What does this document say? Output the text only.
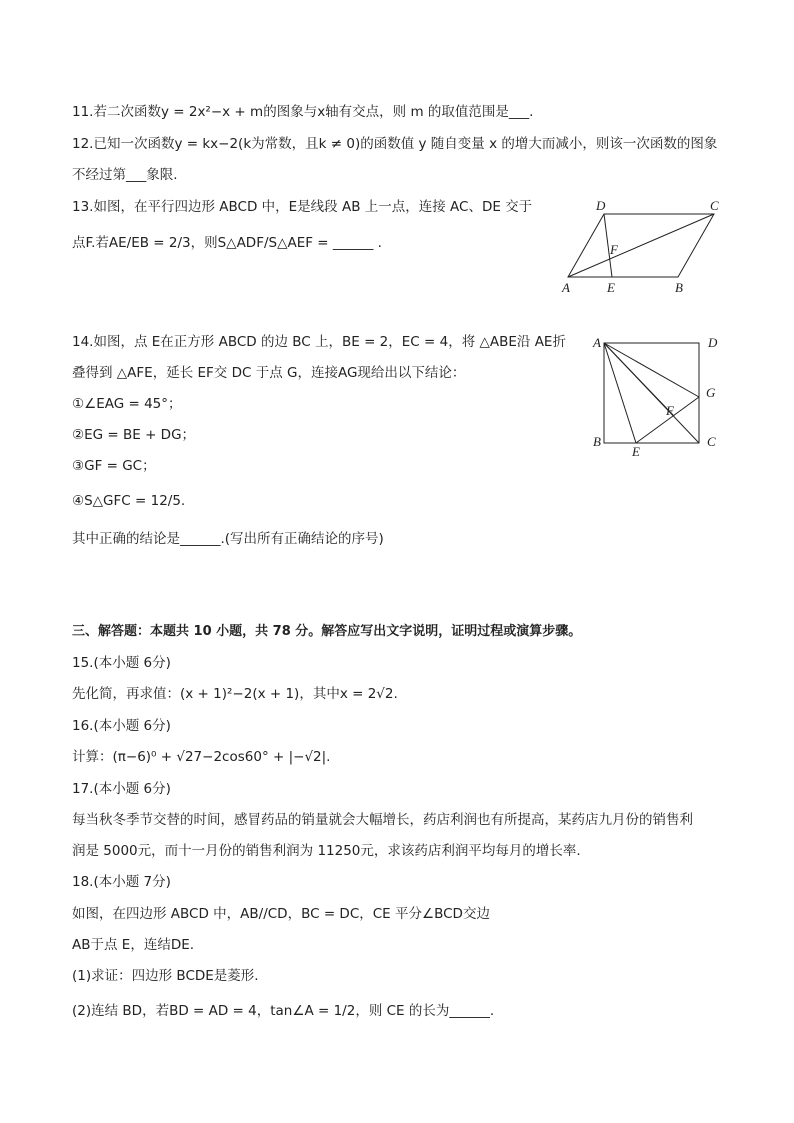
11.若二次函数y = 2x²−x + m的图象与x轴有交点，则 m 的取值范围是___.
12.已知一次函数y = kx−2(k为常数，且k ≠ 0)的函数值 y 随自变量 x 的增大而减小，则该一次函数的图象
不经过第___象限.
13.如图，在平行四边形 ABCD 中，E是线段 AB 上一点，连接 AC、DE 交于
点F.若AE/EB = 2/3，则S△ADF/S△AEF = ______ .
A	E	B
D	C
F
14.如图，点 E在正方形 ABCD 的边 BC 上，BE = 2，EC = 4，将 △ABE沿 AE折
叠得到 △AFE，延长 EF交 DC 于点 G，连接AG现给出以下结论：
①∠EAG = 45°；
②EG = BE + DG；
③GF = GC；
④S△GFC = 12/5.
其中正确的结论是______.(写出所有正确结论的序号)
A	D
G
F
B	C
E
三、解答题：本题共 10 小题，共 78 分。解答应写出文字说明，证明过程或演算步骤。
15.(本小题 6分)
先化简，再求值：(x + 1)²−2(x + 1)，其中x = 2√2.
16.(本小题 6分)
计算：(π−6)⁰ + √27−2cos60° + |−√2|.
17.(本小题 6分)
每当秋冬季节交替的时间，感冒药品的销量就会大幅增长，药店利润也有所提高，某药店九月份的销售利
润是 5000元，而十一月份的销售利润为 11250元，求该药店利润平均每月的增长率.
18.(本小题 7分)
如图，在四边形 ABCD 中，AB//CD，BC = DC，CE 平分∠BCD交边
AB于点 E，连结DE.
(1)求证：四边形 BCDE是菱形.
(2)连结 BD，若BD = AD = 4，tan∠A = 1/2，则 CE 的长为______.
